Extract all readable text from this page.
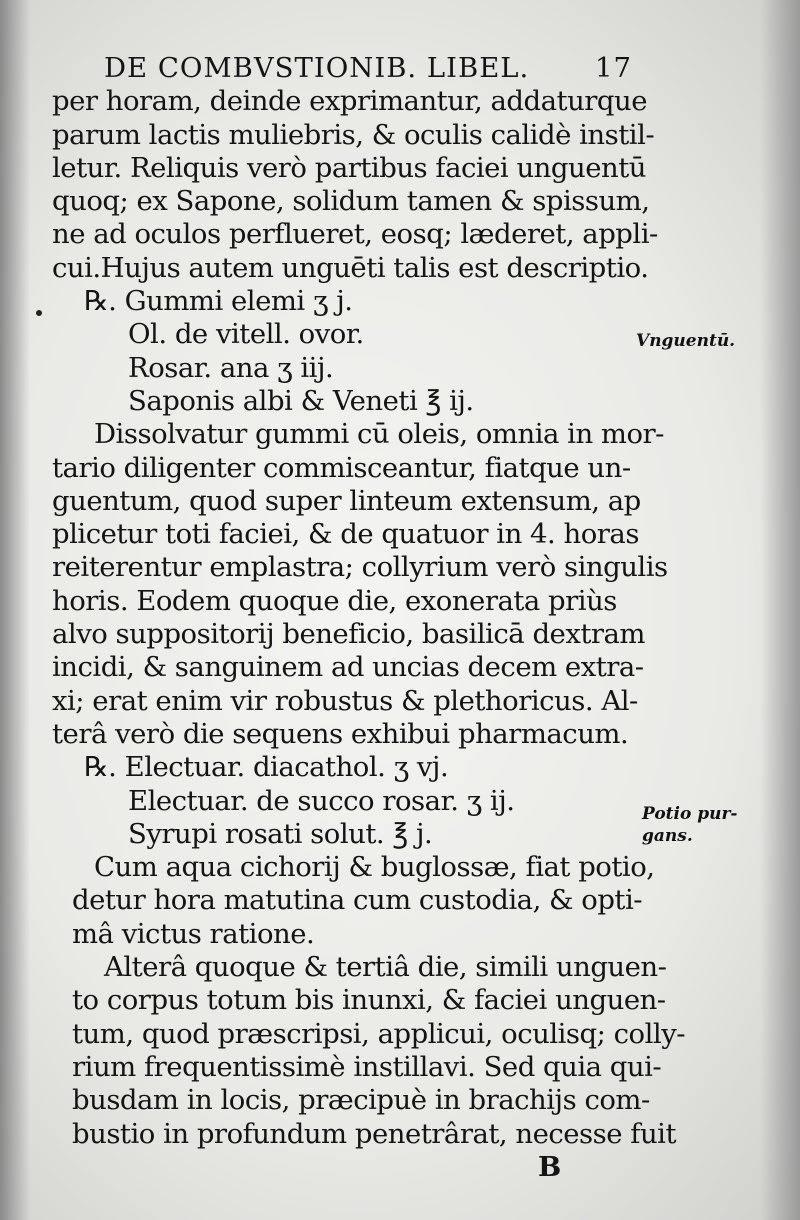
DE COMBVSTIONIB. LIBEL. 17
per horam, deinde exprimantur, addaturque
parum lactis muliebris, & oculis calidè instil-
letur. Reliquis verò partibus faciei unguentū
quoq; ex Sapone, solidum tamen & spissum,
ne ad oculos perflueret, eosq; læderet, appli-
cui.Hujus autem unguēti talis est descriptio.
℞. Gummi elemi ʒ j.
Ol. de vitell. ovor.
Rosar. ana ʒ iij.
Saponis albi & Veneti ℥ ij.
Dissolvatur gummi cū oleis, omnia in mor-
tario diligenter commisceantur, fiatque un-
guentum, quod super linteum extensum, ap
plicetur toti faciei, & de quatuor in 4. horas
reiterentur emplastra; collyrium verò singulis
horis. Eodem quoque die, exonerata priùs
alvo suppositorij beneficio, basilicā dextram
incidi, & sanguinem ad uncias decem extra-
xi; erat enim vir robustus & plethoricus. Al-
terâ verò die sequens exhibui pharmacum.
℞. Electuar. diacathol. ʒ vj.
Electuar. de succo rosar. ʒ ij.
Syrupi rosati solut. ℥ j.
Cum aqua cichorij & buglossæ, fiat potio,
detur hora matutina cum custodia, & opti-
mâ victus ratione.
Alterâ quoque & tertiâ die, simili unguen-
to corpus totum bis inunxi, & faciei unguen-
tum, quod præscripsi, applicui, oculisq; colly-
rium frequentissimè instillavi. Sed quia qui-
busdam in locis, præcipuè in brachijs com-
bustio in profundum penetrârat, necesse fuit
B
Vnguentū.
Potio pur-
gans.
